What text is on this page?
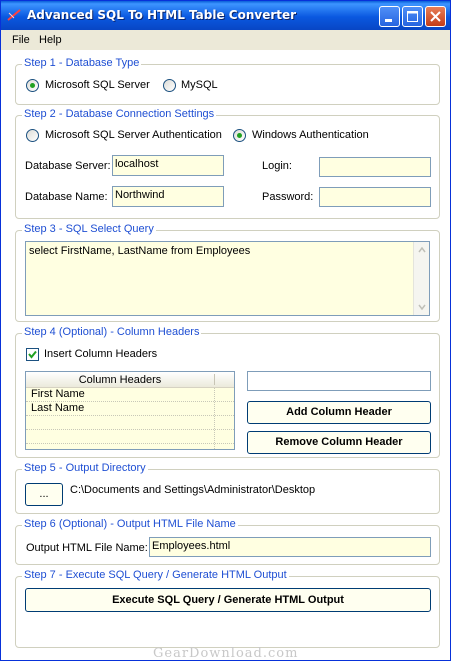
Advanced SQL To HTML Table Converter
File Help
Step 1 - Database Type
Microsoft SQL Server	MySQL
Step 2 - Database Connection Settings
Microsoft SQL Server Authentication	Windows Authentication
Database Server: localhost	Login:
Database Name: Northwind	Password:
Step 3 - SQL Select Query
select FirstName, LastName from Employees
Step 4 (Optional) - Column Headers
Insert Column Headers
Column Headers
First Name
Last Name	Add Column Header
Remove Column Header
Step 5 - Output Directory
...	C:\Documents and Settings\Administrator\Desktop
Step 6 (Optional) - Output HTML File Name
Output HTML File Name: Employees.html
Step 7 - Execute SQL Query / Generate HTML Output
Execute SQL Query / Generate HTML Output
GearDownload.com
